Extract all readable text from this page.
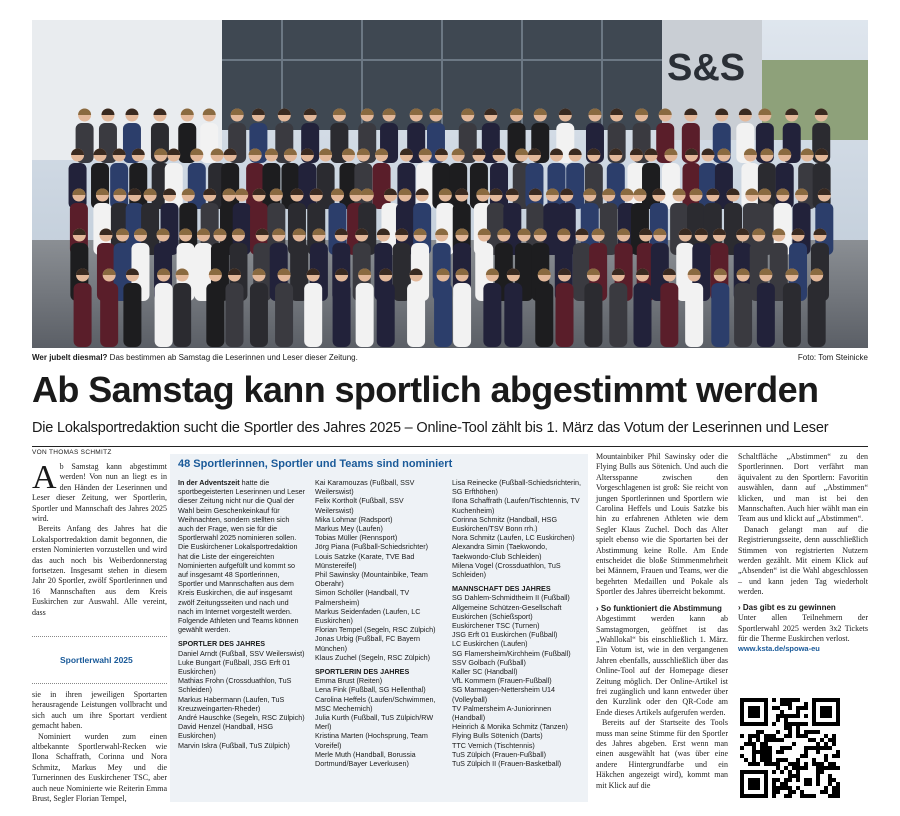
S&S
Wer jubelt diesmal? Das bestimmen ab Samstag die Leserinnen und Leser dieser Zeitung.	Foto: Tom Steinicke
Ab Samstag kann sportlich abgestimmt werden
Die Lokalsportredaktion sucht die Sportler des Jahres 2025 – Online-Tool zählt bis 1. März das Votum der Leserinnen und Leser
VON THOMAS SCHMITZ
Ab Samstag kann abgestimmt werden! Von nun an liegt es in den Händen der Leserinnen und Leser dieser Zeitung, wer Sportlerin, Sportler und Mannschaft des Jahres 2025 wird.

Bereits Anfang des Jahres hat die Lokalsportredaktion damit begonnen, die ersten Nominierten vorzustellen und wird das auch noch bis Weiberdonnerstag fortsetzen. Insgesamt stehen in diesem Jahr 20 Sportler, zwölf Sportlerinnen und 16 Mannschaften aus dem Kreis Euskirchen zur Auswahl. Alle vereint, dass
Sportlerwahl 2025
sie in ihren jeweiligen Sportarten herausragende Leistungen vollbracht und sich auch um ihre Sportart verdient gemacht haben.
Nominiert wurden zum einen altbekannte Sportlerwahl-Recken wie Ilona Schaffrath, Corinna und Nora Schmitz, Markus Mey und die Turnerinnen des Euskirchener TSC, aber auch neue Nominierte wie Reiterin Emma Brust, Segler Florian Tempel,
48 Sportlerinnen, Sportler und Teams sind nominiert
In der Adventszeit hatte die sportbegeisterten Leserinnen und Leser dieser Zeitung nicht nur die Qual der Wahl beim Geschenkeinkauf für Weihnachten, sondern stellten sich auch der Frage, wen sie für die Sportlerwahl 2025 nominieren sollen. Die Euskirchener Lokalsportredaktion hat die Liste der eingereichten Nominierten aufgefüllt und kommt so auf insgesamt 48 Sportlerinnen, Sportler und Mannschaften aus dem Kreis Euskirchen, die auf insgesamt zwölf Zeitungsseiten und nach und nach im Internet vorgestellt werden. Folgende Athleten und Teams können gewählt werden.
SPORTLER DES JAHRES
Daniel Arndt (Fußball, SSV Weilerswist)
Luke Bungart (Fußball, JSG Erft 01 Euskirchen)
Mathias Frohn (Crossduathlon, TuS Schleiden)
Markus Habermann (Laufen, TuS Kreuzweingarten-Rheder)
André Hauschke (Segeln, RSC Zülpich)
David Henzel (Handball, HSG Euskirchen)
Marvin Iskra (Fußball, TuS Zülpich)
Kai Karamouzas (Fußball, SSV Weilerswist)
Felix Kortholt (Fußball, SSV Weilerswist)
Mika Lohmar (Radsport)
Markus Mey (Laufen)
Tobias Müller (Rennsport)
Jörg Piana (Fußball-Schiedsrichter)
Louis Satzke (Karate, TVE Bad Münstereifel)
Phil Sawinsky (Mountainbike, Team Oberahr)
Simon Schöller (Handball, TV Palmersheim)
Markus Seidenfaden (Laufen, LC Euskirchen)
Florian Tempel (Segeln, RSC Zülpich)
Jonas Urbig (Fußball, FC Bayern München)
Klaus Zuchel (Segeln, RSC Zülpich)
SPORTLERIN DES JAHRES
Emma Brust (Reiten)
Lena Fink (Fußball, SG Hellenthal)
Carolina Heffels (Laufen/Schwimmen, MSC Mechernich)
Julia Kurth (Fußball, TuS Zülpich/RW Merl)
Kristina Marten (Hochsprung, Team Voreifel)
Merle Muth (Handball, Borussia Dortmund/Bayer Leverkusen)
Lisa Reinecke (Fußball-Schiedsrichterin, SG Erfthöhen)
Ilona Schaffrath (Laufen/Tischtennis, TV Kuchenheim)
Corinna Schmitz (Handball, HSG Euskirchen/TSV Bonn rrh.)
Nora Schmitz (Laufen, LC Euskirchen)
Alexandra Simin (Taekwondo, Taekwondo-Club Schleiden)
Milena Vogel (Crossduathlon, TuS Schleiden)
MANNSCHAFT DES JAHRES
SG Dahlem-Schmidtheim II (Fußball)
Allgemeine Schützen-Gesellschaft Euskirchen (Schießsport)
Euskirchener TSC (Turnen)
JSG Erft 01 Euskirchen (Fußball)
LC Euskirchen (Laufen)
SG Flamersheim/Kirchheim (Fußball)
SSV Golbach (Fußball)
Kaller SC (Handball)
VfL Kommern (Frauen-Fußball)
SG Marmagen-Nettersheim U14 (Volleyball)
TV Palmersheim A-Juniorinnen (Handball)
Heinrich & Monika Schmitz (Tanzen)
Flying Bulls Sötenich (Darts)
TTC Vernich (Tischtennis)
TuS Zülpich (Frauen-Fußball)
TuS Zülpich II (Frauen-Basketball)
Mountainbiker Phil Sawinsky oder die Flying Bulls aus Sötenich. Und auch die Altersspanne zwischen den Vorgeschlagenen ist groß: Sie reicht von jungen Sportlerinnen und Sportlern wie Carolina Heffels und Louis Satzke bis hin zu erfahrenen Athleten wie dem Segler Klaus Zuchel. Doch das Alter spielt ebenso wie die Sportarten bei der Abstimmung keine Rolle. Am Ende entscheidet die bloße Stimmenmehrheit bei Männern, Frauen und Teams, wer die begehrten Medaillen und Pokale als Sportler des Jahres überreicht bekommt.
› So funktioniert die Abstimmung
Abgestimmt werden kann ab Samstagmorgen, geöffnet ist das „Wahllokal“ bis einschließlich 1. März. Ein Votum ist, wie in den vergangenen Jahren ebenfalls, ausschließlich über das Online-Tool auf der Homepage dieser Zeitung möglich. Der Online-Artikel ist frei zugänglich und kann entweder über den Kurzlink oder den QR-Code am Ende dieses Artikels aufgerufen werden.
Bereits auf der Startseite des Tools muss man seine Stimme für den Sportler des Jahres abgeben. Erst wenn man einen ausgewählt hat (was über eine andere Hintergrundfarbe und ein Häkchen angezeigt wird), kommt man mit Klick auf die
Schaltfläche „Abstimmen“ zu den Sportlerinnen. Dort verfährt man äquivalent zu den Sportlern: Favoritin auswählen, dann auf „Abstimmen“ klicken, und man ist bei den Mannschaften. Auch hier wählt man ein Team aus und klickt auf „Abstimmen“.
Danach gelangt man auf die Registrierungsseite, denn ausschließlich Stimmen von registrierten Nutzern werden gezählt. Mit einem Klick auf „Absenden“ ist die Wahl abgeschlossen – und kann jeden Tag wiederholt werden.
› Das gibt es zu gewinnen
Unter allen Teilnehmern der Sportlerwahl 2025 werden 3x2 Tickets für die Therme Euskirchen verlost.
www.ksta.de/spowa-eu
